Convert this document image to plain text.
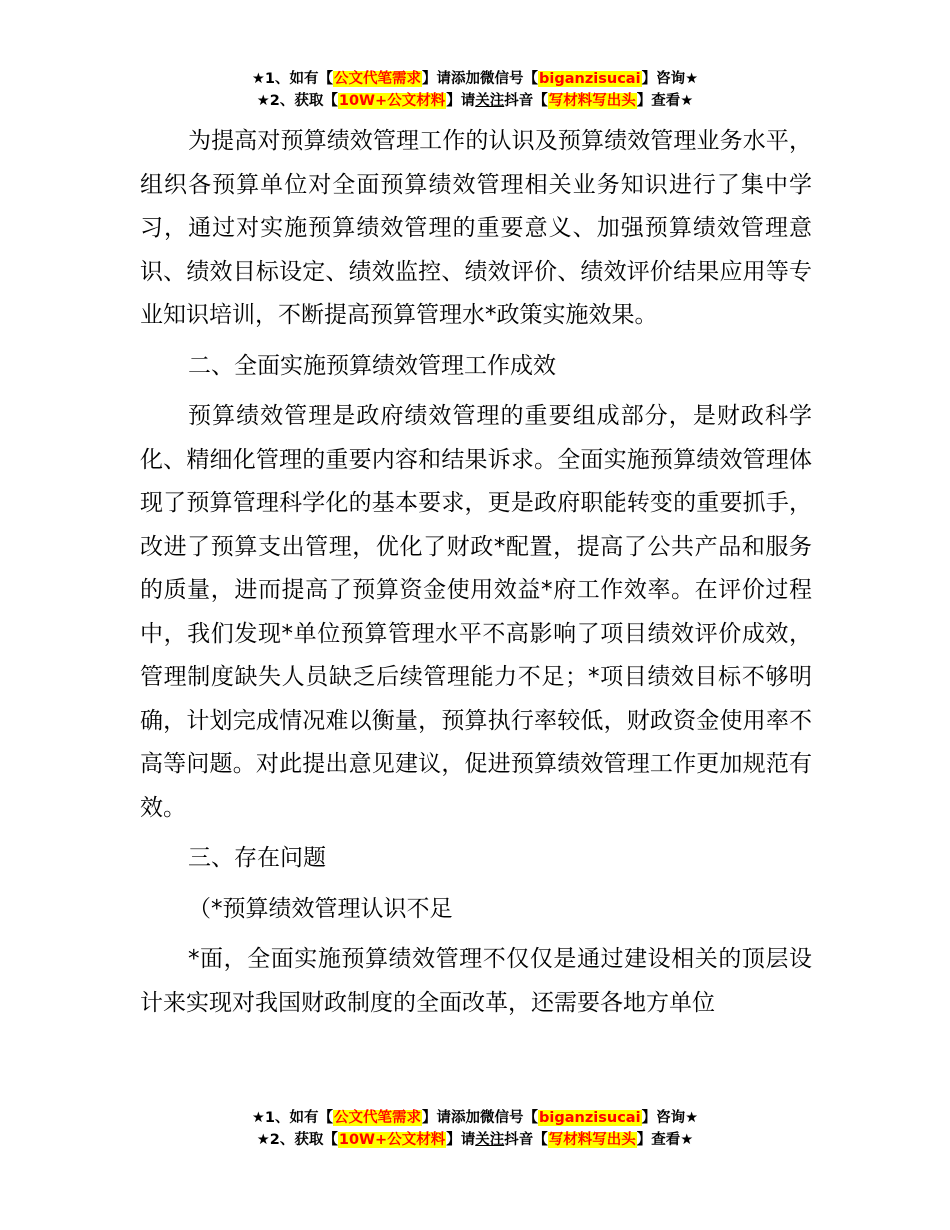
★1、如有【公文代笔需求】请添加微信号【biganzisucai】咨询★
★2、获取【10W+公文材料】请关注抖音【写材料写出头】查看★

为提高对预算绩效管理工作的认识及预算绩效管理业务水平，组织各预算单位对全面预算绩效管理相关业务知识进行了集中学习，通过对实施预算绩效管理的重要意义、加强预算绩效管理意识、绩效目标设定、绩效监控、绩效评价、绩效评价结果应用等专业知识培训，不断提高预算管理水*政策实施效果。

二、全面实施预算绩效管理工作成效

预算绩效管理是政府绩效管理的重要组成部分，是财政科学化、精细化管理的重要内容和结果诉求。全面实施预算绩效管理体现了预算管理科学化的基本要求，更是政府职能转变的重要抓手，改进了预算支出管理，优化了财政*配置，提高了公共产品和服务的质量，进而提高了预算资金使用效益*府工作效率。在评价过程中，我们发现*单位预算管理水平不高影响了项目绩效评价成效，管理制度缺失人员缺乏后续管理能力不足；*项目绩效目标不够明确，计划完成情况难以衡量，预算执行率较低，财政资金使用率不高等问题。对此提出意见建议，促进预算绩效管理工作更加规范有效。

三、存在问题

（*预算绩效管理认识不足

*面，全面实施预算绩效管理不仅仅是通过建设相关的顶层设计来实现对我国财政制度的全面改革，还需要各地方单位

★1、如有【公文代笔需求】请添加微信号【biganzisucai】咨询★
★2、获取【10W+公文材料】请关注抖音【写材料写出头】查看★
